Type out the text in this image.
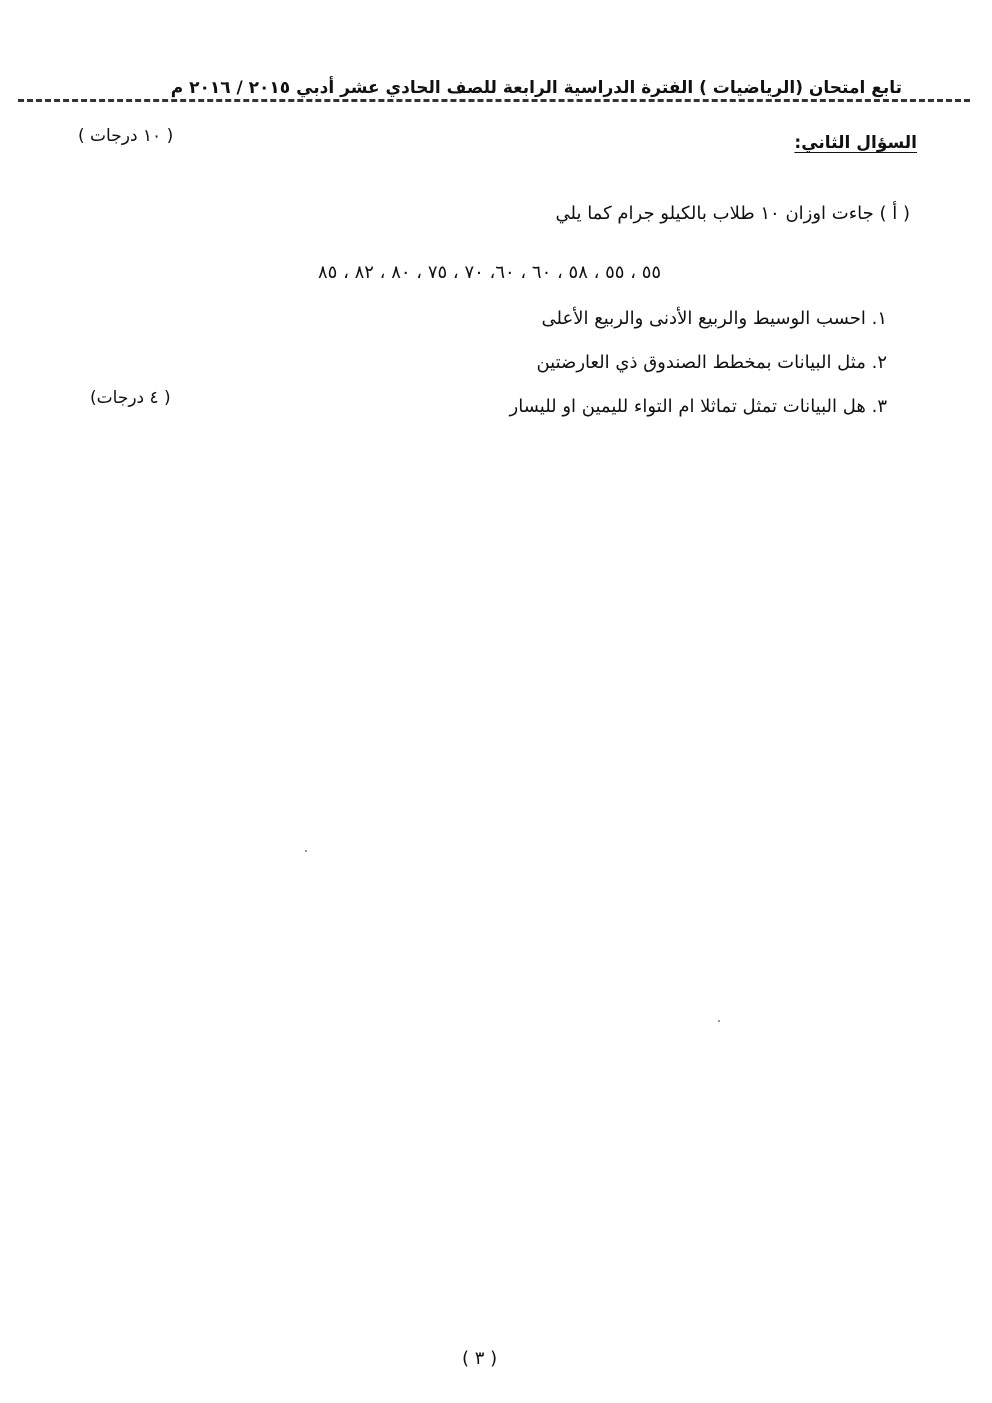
تابع امتحان (الرياضيات ) الفترة الدراسية الرابعة للصف الحادي عشر أدبي ٢٠١٥ / ٢٠١٦ م
السؤال الثاني:
( ١٠ درجات )
( أ ) جاءت اوزان ١٠ طلاب بالكيلو جرام كما يلي
٥٥ ، ٥٥ ، ٥٨ ، ٦٠ ، ٦٠، ٧٠ ، ٧٥ ، ٨٠ ، ٨٢ ، ٨٥
١. احسب الوسيط والربيع الأدنى والربيع الأعلى
٢. مثل البيانات بمخطط الصندوق ذي العارضتين
٣. هل البيانات تمثل تماثلا ام التواء لليمين او لليسار
( ٤ درجات)
( ٣ )
